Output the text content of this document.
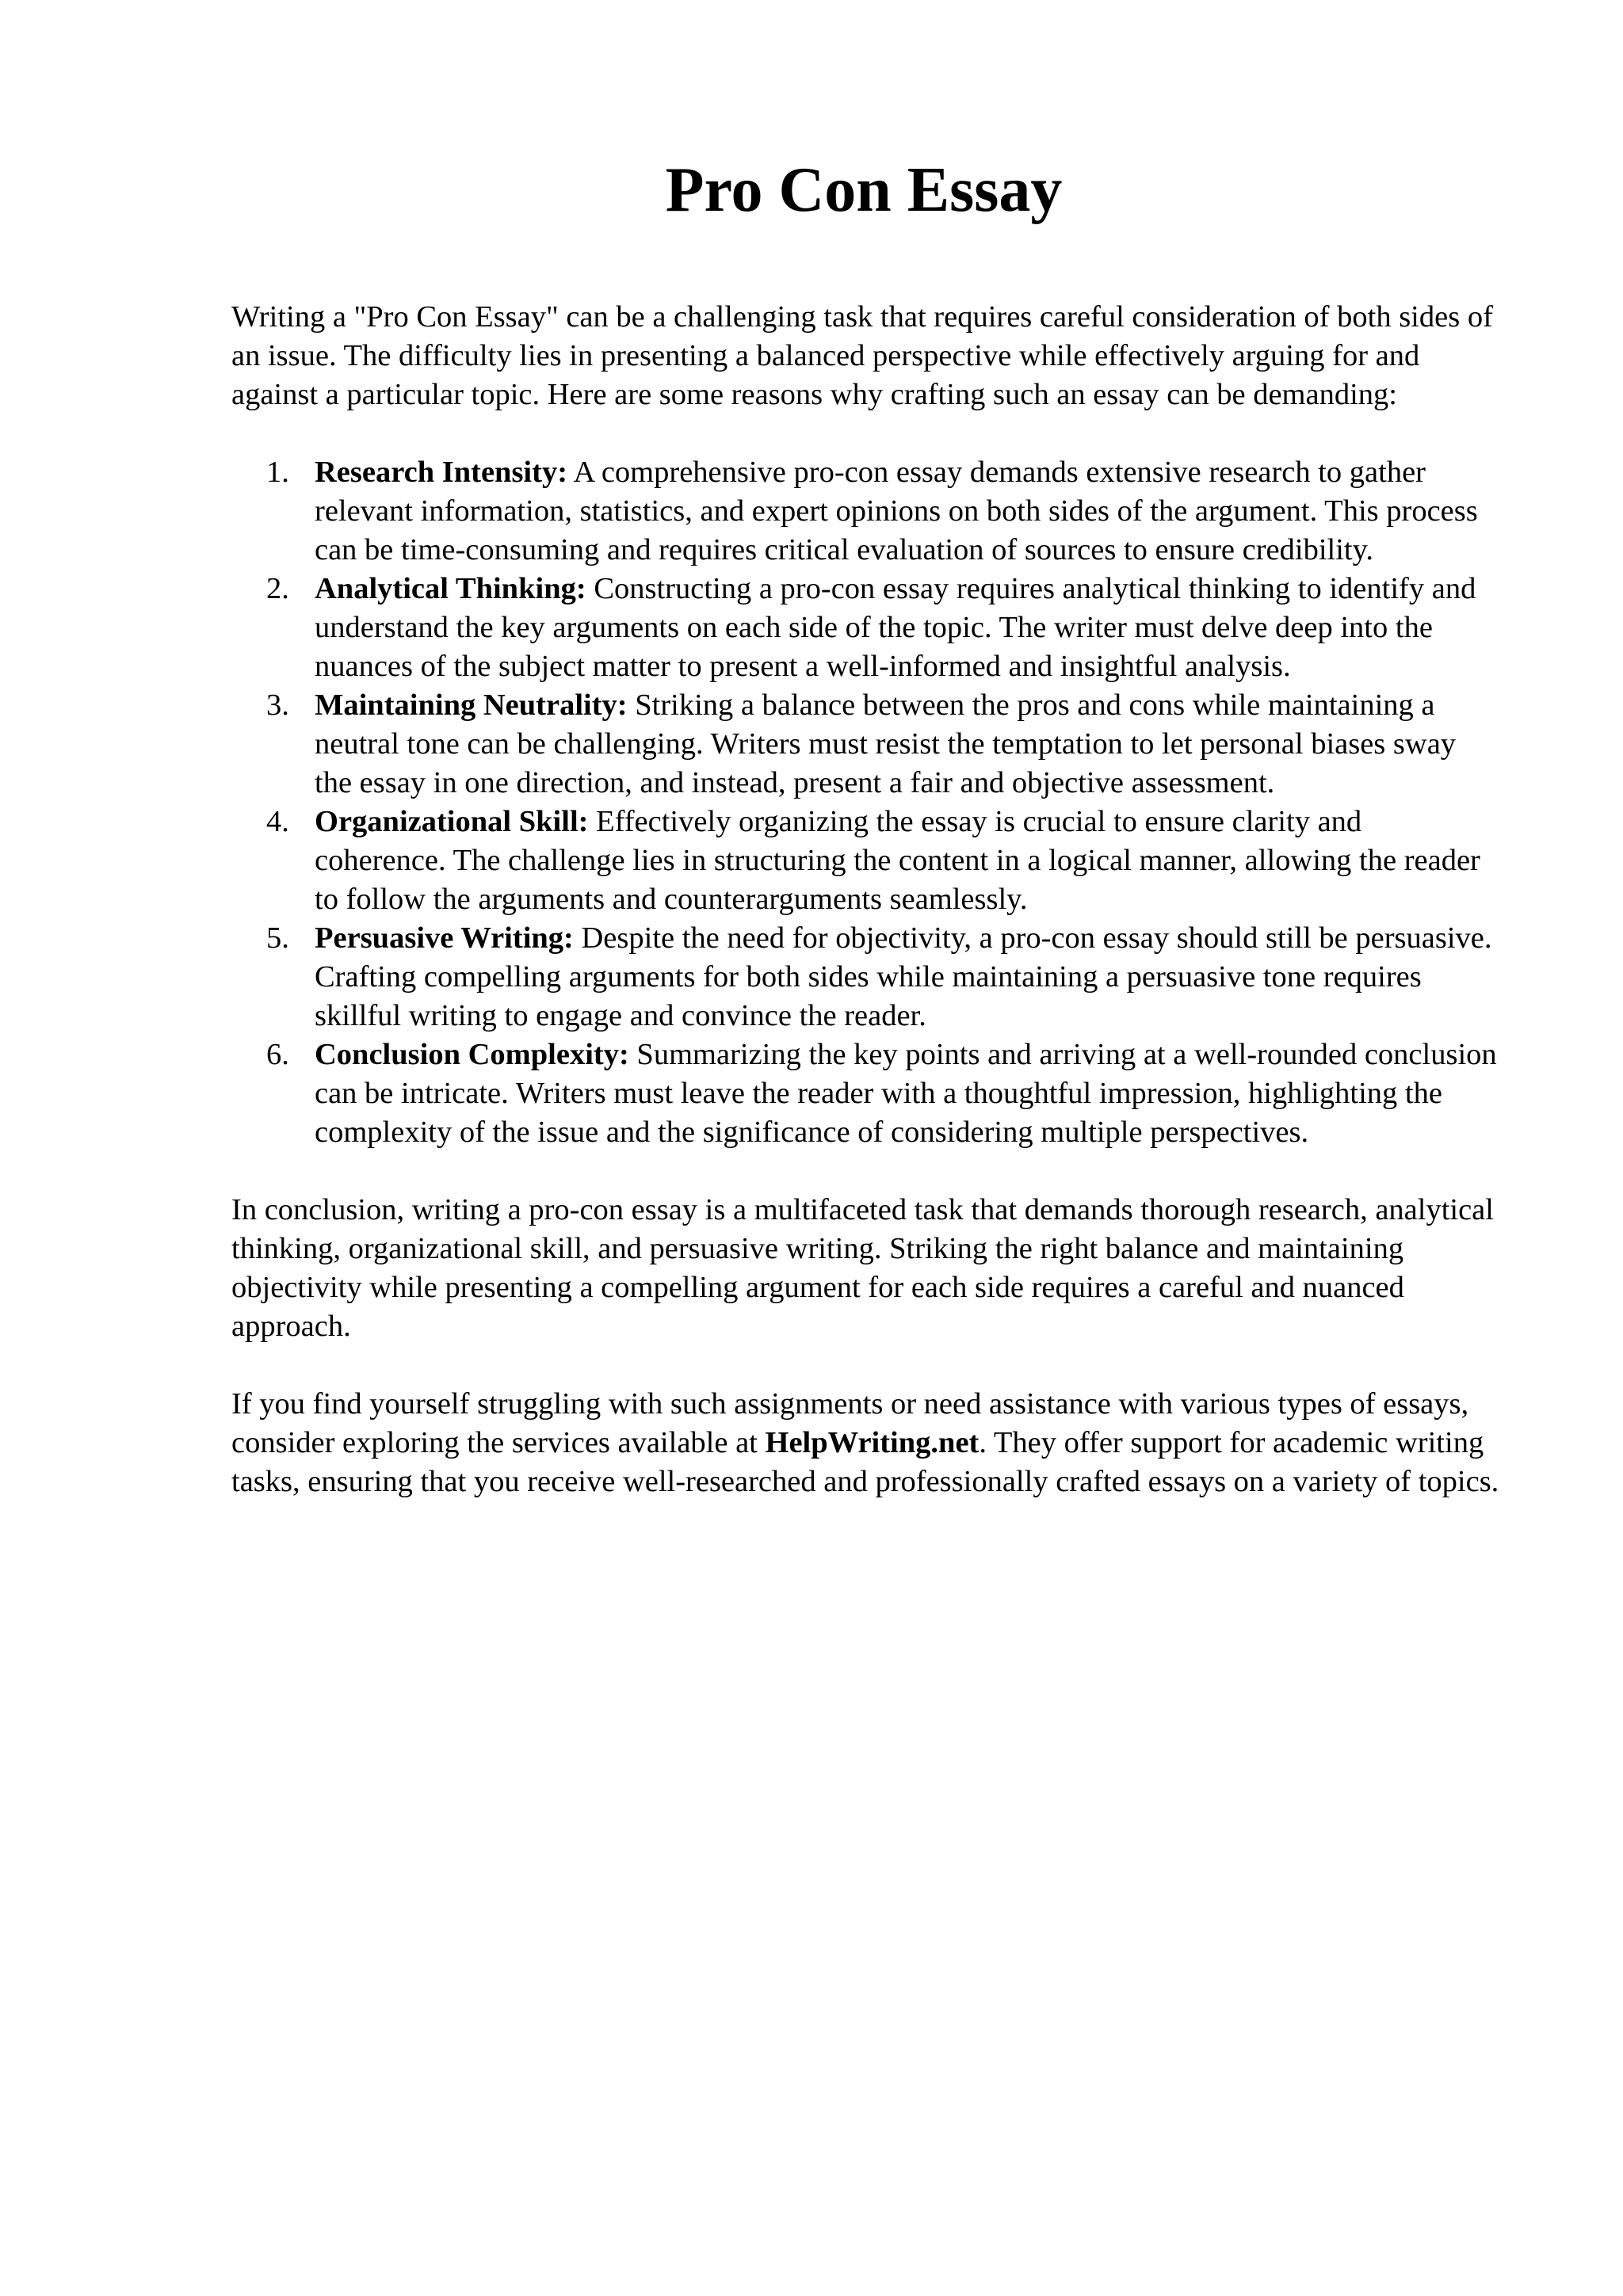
Pro Con Essay

Writing a "Pro Con Essay" can be a challenging task that requires careful consideration of both sides of an issue. The difficulty lies in presenting a balanced perspective while effectively arguing for and against a particular topic. Here are some reasons why crafting such an essay can be demanding:

1. Research Intensity: A comprehensive pro-con essay demands extensive research to gather relevant information, statistics, and expert opinions on both sides of the argument. This process can be time-consuming and requires critical evaluation of sources to ensure credibility.
2. Analytical Thinking: Constructing a pro-con essay requires analytical thinking to identify and understand the key arguments on each side of the topic. The writer must delve deep into the nuances of the subject matter to present a well-informed and insightful analysis.
3. Maintaining Neutrality: Striking a balance between the pros and cons while maintaining a neutral tone can be challenging. Writers must resist the temptation to let personal biases sway the essay in one direction, and instead, present a fair and objective assessment.
4. Organizational Skill: Effectively organizing the essay is crucial to ensure clarity and coherence. The challenge lies in structuring the content in a logical manner, allowing the reader to follow the arguments and counterarguments seamlessly.
5. Persuasive Writing: Despite the need for objectivity, a pro-con essay should still be persuasive. Crafting compelling arguments for both sides while maintaining a persuasive tone requires skillful writing to engage and convince the reader.
6. Conclusion Complexity: Summarizing the key points and arriving at a well-rounded conclusion can be intricate. Writers must leave the reader with a thoughtful impression, highlighting the complexity of the issue and the significance of considering multiple perspectives.

In conclusion, writing a pro-con essay is a multifaceted task that demands thorough research, analytical thinking, organizational skill, and persuasive writing. Striking the right balance and maintaining objectivity while presenting a compelling argument for each side requires a careful and nuanced approach.

If you find yourself struggling with such assignments or need assistance with various types of essays, consider exploring the services available at HelpWriting.net. They offer support for academic writing tasks, ensuring that you receive well-researched and professionally crafted essays on a variety of topics.
